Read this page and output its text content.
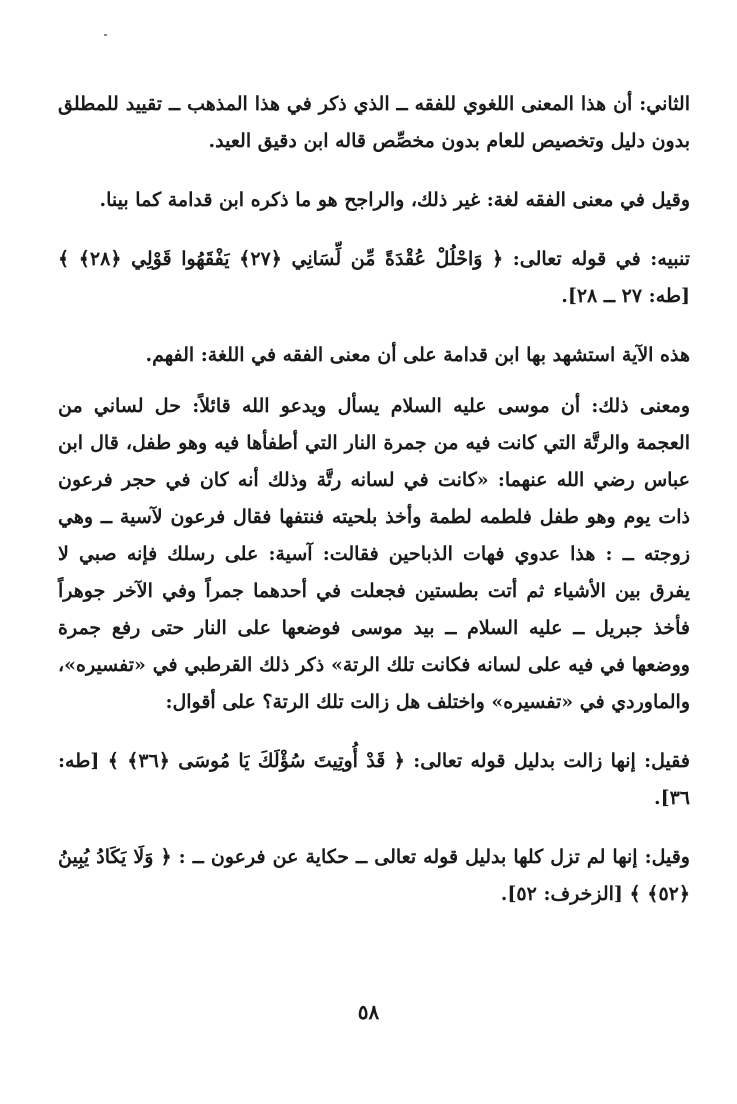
الثاني: أن هذا المعنى اللغوي للفقه ــ الذي ذكر في هذا المذهب ــ تقييد للمطلق بدون دليل وتخصيص للعام بدون مخصِّص قاله ابن دقيق العيد.

وقيل في معنى الفقه لغة: غير ذلك، والراجح هو ما ذكره ابن قدامة كما بينا.

تنبيه: في قوله تعالى: ﴿ وَاحْلُلْ عُقْدَةً مِّن لِّسَانِي ﴿٢٧﴾ يَفْقَهُوا قَوْلِي ﴿٢٨﴾ ﴾ [طه: ٢٧ ــ ٢٨].

هذه الآية استشهد بها ابن قدامة على أن معنى الفقه في اللغة: الفهم.

ومعنى ذلك: أن موسى عليه السلام يسأل ويدعو الله قائلاً: حل لساني من العجمة والرتَّة التي كانت فيه من جمرة النار التي أطفأها فيه وهو طفل، قال ابن عباس رضي الله عنهما: «كانت في لسانه رتَّة وذلك أنه كان في حجر فرعون ذات يوم وهو طفل فلطمه لطمة وأخذ بلحيته فنتفها فقال فرعون لآسية ــ وهي زوجته ــ : هذا عدوي فهات الذباحين فقالت: آسية: على رسلك فإنه صبي لا يفرق بين الأشياء ثم أتت بطستين فجعلت في أحدهما جمراً وفي الآخر جوهراً فأخذ جبريل ــ عليه السلام ــ بيد موسى فوضعها على النار حتى رفع جمرة ووضعها في فيه على لسانه فكانت تلك الرتة» ذكر ذلك القرطبي في «تفسيره»، والماوردي في «تفسيره» واختلف هل زالت تلك الرتة؟ على أقوال:

فقيل: إنها زالت بدليل قوله تعالى: ﴿ قَدْ أُوتِيتَ سُؤْلَكَ يَا مُوسَى ﴿٣٦﴾ ﴾ [طه: ٣٦].

وقيل: إنها لم تزل كلها بدليل قوله تعالى ــ حكاية عن فرعون ــ : ﴿ وَلَا يَكَادُ يُبِينُ ﴿٥٢﴾ ﴾ [الزخرف: ٥٢].

٥٨
